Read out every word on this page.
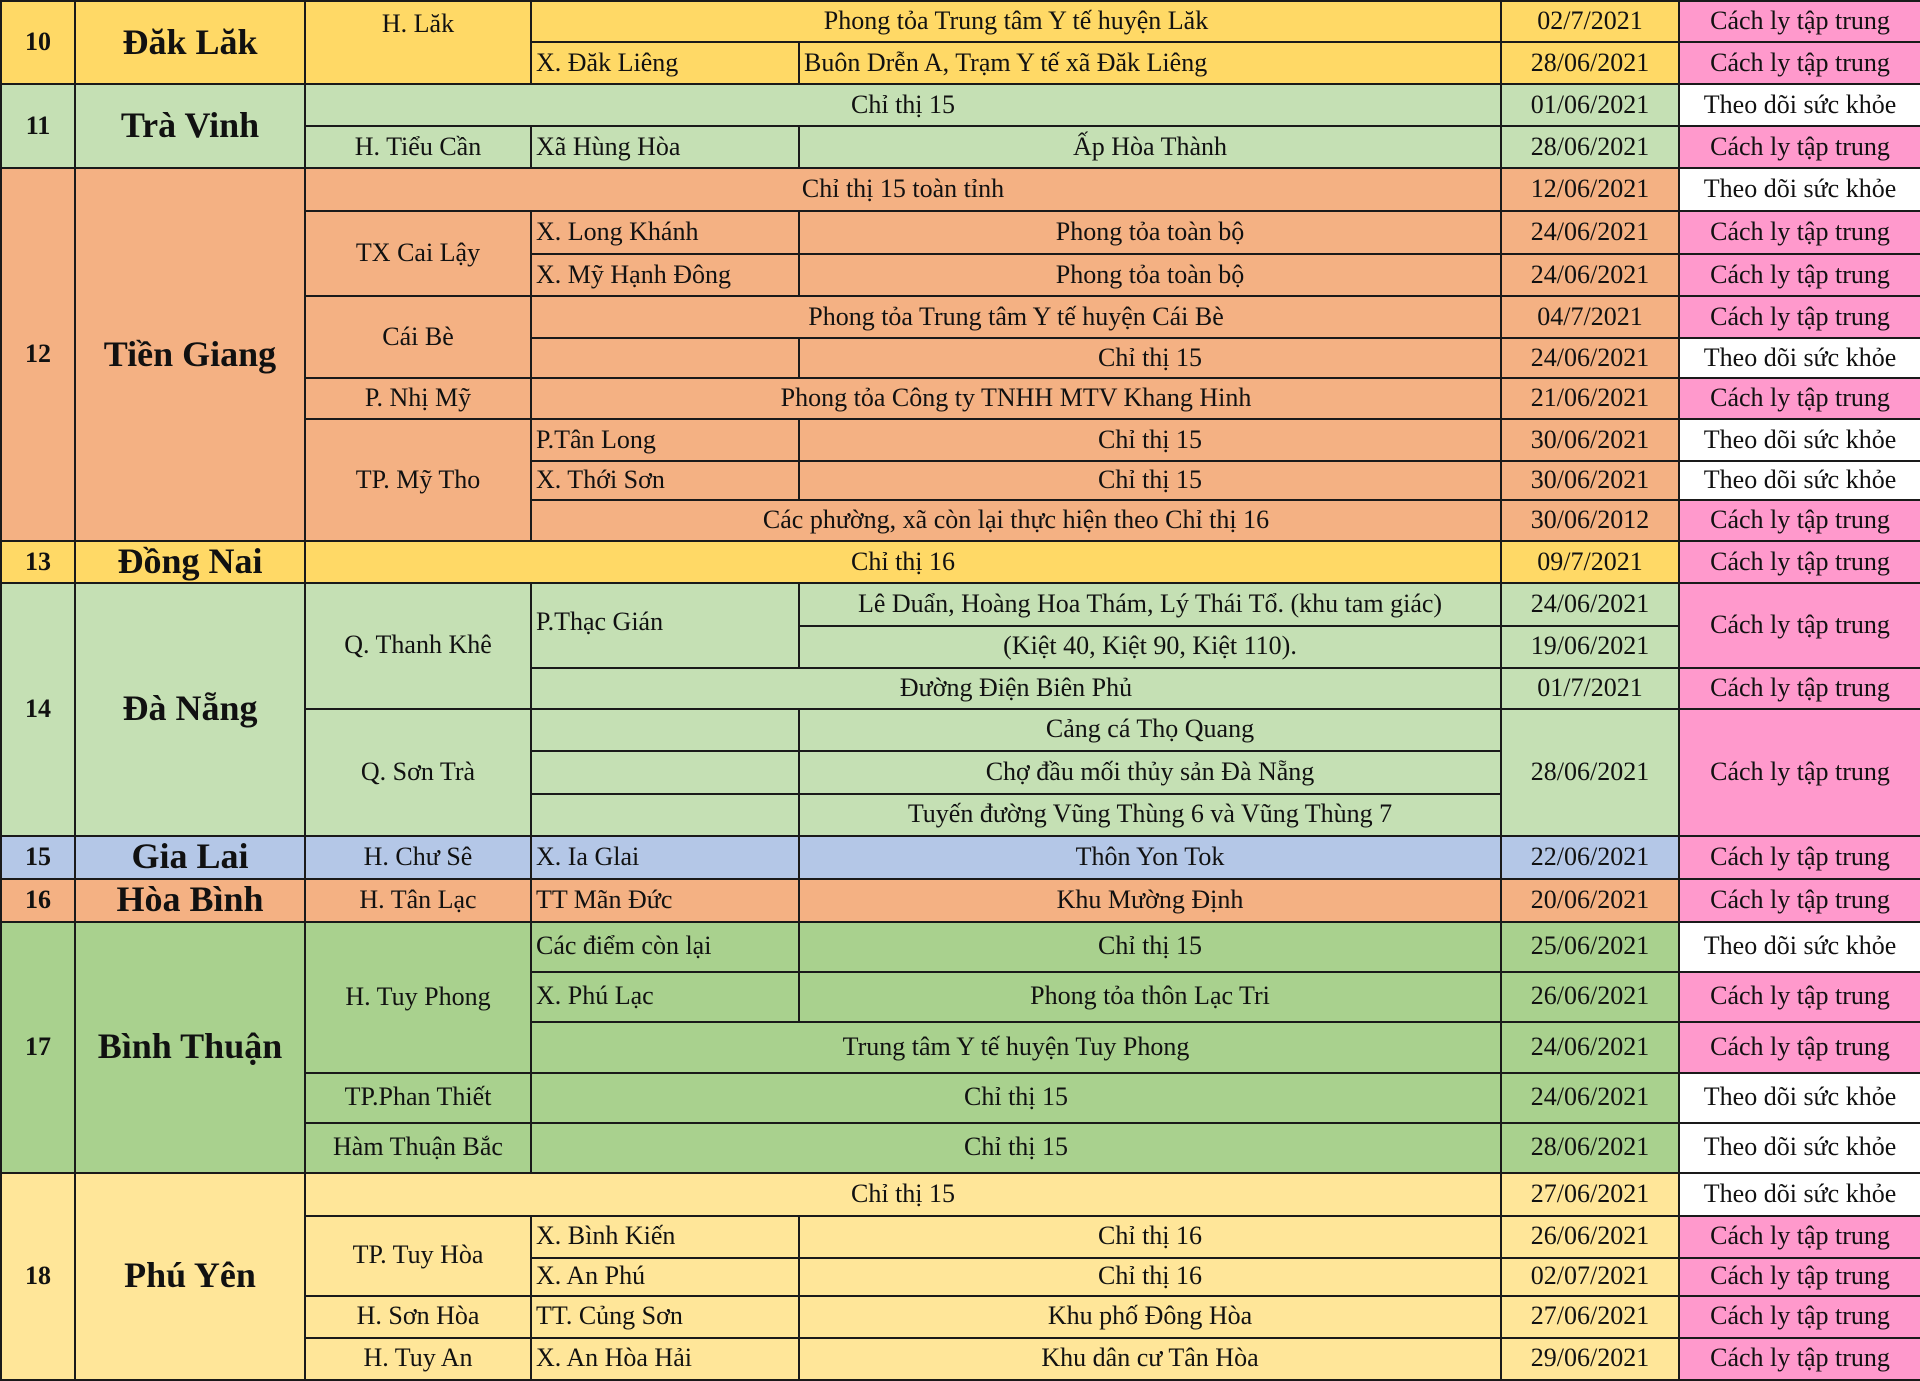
10	Đăk Lăk	H. Lăk	Phong tỏa Trung tâm Y tế huyện Lăk		02/7/2021	Cách ly tập trung
			X. Đăk Liêng	Buôn Drễn A, Trạm Y tế xã Đăk Liêng	28/06/2021	Cách ly tập trung
11	Trà Vinh	Chỉ thị 15			01/06/2021	Theo dõi sức khỏe
		H. Tiểu Cần	Xã Hùng Hòa	Ấp Hòa Thành	28/06/2021	Cách ly tập trung
12	Tiền Giang	Chỉ thị 15 toàn tỉnh			12/06/2021	Theo dõi sức khỏe
		TX Cai Lậy	X. Long Khánh	Phong tỏa toàn bộ	24/06/2021	Cách ly tập trung
			X. Mỹ Hạnh Đông	Phong tỏa toàn bộ	24/06/2021	Cách ly tập trung
		Cái Bè	Phong tỏa Trung tâm Y tế huyện Cái Bè		04/7/2021	Cách ly tập trung
				Chỉ thị 15	24/06/2021	Theo dõi sức khỏe
		P. Nhị Mỹ	Phong tỏa Công ty TNHH MTV Khang Hinh		21/06/2021	Cách ly tập trung
		TP. Mỹ Tho	P.Tân Long	Chỉ thị 15	30/06/2021	Theo dõi sức khỏe
			X. Thới Sơn	Chỉ thị 15	30/06/2021	Theo dõi sức khỏe
			Các phường, xã còn lại thực hiện theo Chỉ thị 16		30/06/2012	Cách ly tập trung
13	Đồng Nai	Chỉ thị 16			09/7/2021	Cách ly tập trung
14	Đà Nẵng	Q. Thanh Khê	P.Thạc Gián	Lê Duẩn, Hoàng Hoa Thám, Lý Thái Tổ. (khu tam giác)	24/06/2021	Cách ly tập trung
				(Kiệt 40, Kiệt 90, Kiệt 110).	19/06/2021	
			Đường Điện Biên Phủ		01/7/2021	Cách ly tập trung
		Q. Sơn Trà		Cảng cá Thọ Quang	28/06/2021	Cách ly tập trung
				Chợ đầu mối thủy sản Đà Nẵng		
				Tuyến đường Vũng Thùng 6 và Vũng Thùng 7		
15	Gia Lai	H. Chư Sê	X. Ia Glai	Thôn Yon Tok	22/06/2021	Cách ly tập trung
16	Hòa Bình	H. Tân Lạc	TT Mãn Đức	Khu Mường Định	20/06/2021	Cách ly tập trung
17	Bình Thuận	H. Tuy Phong	Các điểm còn lại	Chỉ thị 15	25/06/2021	Theo dõi sức khỏe
			X. Phú Lạc	Phong tỏa thôn Lạc Tri	26/06/2021	Cách ly tập trung
			Trung tâm Y tế huyện Tuy Phong		24/06/2021	Cách ly tập trung
		TP.Phan Thiết	Chỉ thị 15		24/06/2021	Theo dõi sức khỏe
		Hàm Thuận Bắc	Chỉ thị 15		28/06/2021	Theo dõi sức khỏe
18	Phú Yên	Chỉ thị 15			27/06/2021	Theo dõi sức khỏe
		TP. Tuy Hòa	X. Bình Kiến	Chỉ thị 16	26/06/2021	Cách ly tập trung
			X. An Phú	Chỉ thị 16	02/07/2021	Cách ly tập trung
		H. Sơn Hòa	TT. Củng Sơn	Khu phố Đông Hòa	27/06/2021	Cách ly tập trung
		H. Tuy An	X. An Hòa Hải	Khu dân cư Tân Hòa	29/06/2021	Cách ly tập trung
